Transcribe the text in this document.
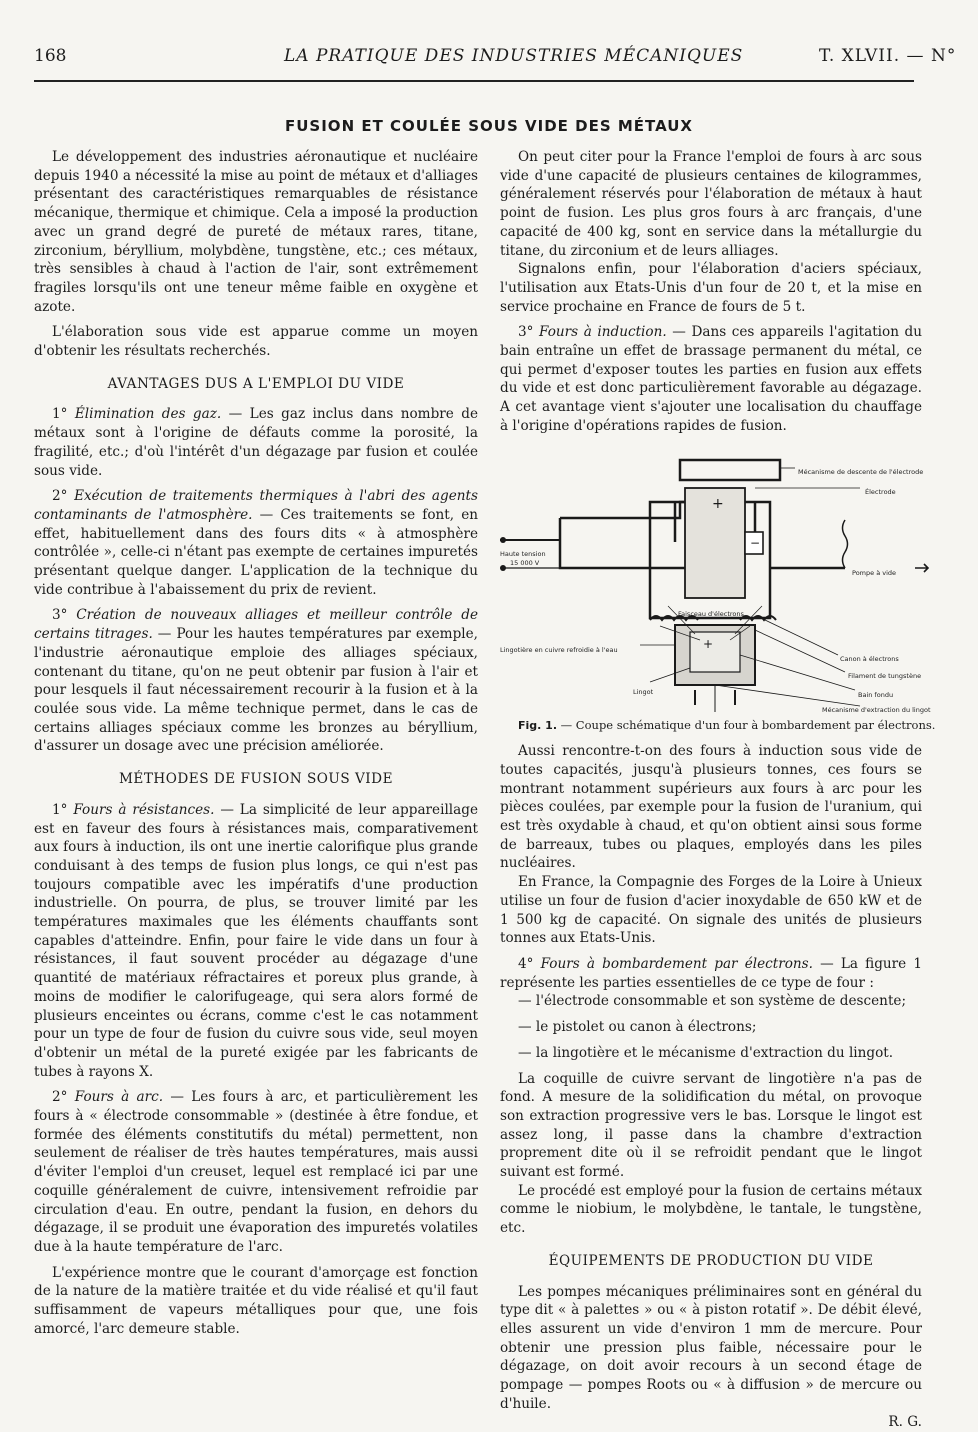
168	LA PRATIQUE DES INDUSTRIES MÉCANIQUES	T. XLVII. — N°
FUSION ET COULÉE SOUS VIDE DES MÉTAUX

Le développement des industries aéronautique et nucléaire depuis 1940 a nécessité la mise au point de métaux et d'alliages présentant des caractéristiques remarquables de résistance mécanique, thermique et chimique. Cela a imposé la production avec un grand degré de pureté de métaux rares, titane, zirconium, béryllium, molybdène, tungstène, etc.; ces métaux, très sensibles à chaud à l'action de l'air, sont extrêmement fragiles lorsqu'ils ont une teneur même faible en oxygène et azote.

L'élaboration sous vide est apparue comme un moyen d'obtenir les résultats recherchés.

AVANTAGES DUS A L'EMPLOI DU VIDE

1° Élimination des gaz. — Les gaz inclus dans nombre de métaux sont à l'origine de défauts comme la porosité, la fragilité, etc.; d'où l'intérêt d'un dégazage par fusion et coulée sous vide.

2° Exécution de traitements thermiques à l'abri des agents contaminants de l'atmosphère. — Ces traitements se font, en effet, habituellement dans des fours dits « à atmosphère contrôlée », celle-ci n'étant pas exempte de certaines impuretés présentant quelque danger. L'application de la technique du vide contribue à l'abaissement du prix de revient.

3° Création de nouveaux alliages et meilleur contrôle de certains titrages. — Pour les hautes températures par exemple, l'industrie aéronautique emploie des alliages spéciaux, contenant du titane, qu'on ne peut obtenir par fusion à l'air et pour lesquels il faut nécessairement recourir à la fusion et à la coulée sous vide. La même technique permet, dans le cas de certains alliages spéciaux comme les bronzes au béryllium, d'assurer un dosage avec une précision améliorée.

MÉTHODES DE FUSION SOUS VIDE

1° Fours à résistances. — La simplicité de leur appareillage est en faveur des fours à résistances mais, comparativement aux fours à induction, ils ont une inertie calorifique plus grande conduisant à des temps de fusion plus longs, ce qui n'est pas toujours compatible avec les impératifs d'une production industrielle. On pourra, de plus, se trouver limité par les températures maximales que les éléments chauffants sont capables d'atteindre. Enfin, pour faire le vide dans un four à résistances, il faut souvent procéder au dégazage d'une quantité de matériaux réfractaires et poreux plus grande, à moins de modifier le calorifugeage, qui sera alors formé de plusieurs enceintes ou écrans, comme c'est le cas notamment pour un type de four de fusion du cuivre sous vide, seul moyen d'obtenir un métal de la pureté exigée par les fabricants de tubes à rayons X.

2° Fours à arc. — Les fours à arc, et particulièrement les fours à « électrode consommable » (destinée à être fondue, et formée des éléments constitutifs du métal) permettent, non seulement de réaliser de très hautes températures, mais aussi d'éviter l'emploi d'un creuset, lequel est remplacé ici par une coquille généralement de cuivre, intensivement refroidie par circulation d'eau. En outre, pendant la fusion, en dehors du dégazage, il se produit une évaporation des impuretés volatiles due à la haute température de l'arc.

L'expérience montre que le courant d'amorçage est fonction de la nature de la matière traitée et du vide réalisé et qu'il faut suffisamment de vapeurs métalliques pour que, une fois amorcé, l'arc demeure stable.

On peut citer pour la France l'emploi de fours à arc sous vide d'une capacité de plusieurs centaines de kilogrammes, généralement réservés pour l'élaboration de métaux à haut point de fusion. Les plus gros fours à arc français, d'une capacité de 400 kg, sont en service dans la métallurgie du titane, du zirconium et de leurs alliages.

Signalons enfin, pour l'élaboration d'aciers spéciaux, l'utilisation aux Etats-Unis d'un four de 20 t, et la mise en service prochaine en France de fours de 5 t.

3° Fours à induction. — Dans ces appareils l'agitation du bain entraîne un effet de brassage permanent du métal, ce qui permet d'exposer toutes les parties en fusion aux effets du vide et est donc particulièrement favorable au dégazage. A cet avantage vient s'ajouter une localisation du chauffage à l'origine d'opérations rapides de fusion.

+
−
+
Mécanisme de descente de l'électrode
Électrode
Haute tension
15 000 V
Pompe à vide
Faisceau d'électrons
Lingotière en cuivre refroidie à l'eau
Canon à électrons
Filament de tungstène
Lingot	Bain fondu
Mécanisme d'extraction du lingot

Fig. 1. — Coupe schématique d'un four à bombardement par électrons.

Aussi rencontre-t-on des fours à induction sous vide de toutes capacités, jusqu'à plusieurs tonnes, ces fours se montrant notamment supérieurs aux fours à arc pour les pièces coulées, par exemple pour la fusion de l'uranium, qui est très oxydable à chaud, et qu'on obtient ainsi sous forme de barreaux, tubes ou plaques, employés dans les piles nucléaires.

En France, la Compagnie des Forges de la Loire à Unieux utilise un four de fusion d'acier inoxydable de 650 kW et de 1 500 kg de capacité. On signale des unités de plusieurs tonnes aux Etats-Unis.

4° Fours à bombardement par électrons. — La figure 1 représente les parties essentielles de ce type de four :

— l'électrode consommable et son système de descente;

— le pistolet ou canon à électrons;

— la lingotière et le mécanisme d'extraction du lingot.

La coquille de cuivre servant de lingotière n'a pas de fond. A mesure de la solidification du métal, on provoque son extraction progressive vers le bas. Lorsque le lingot est assez long, il passe dans la chambre d'extraction proprement dite où il se refroidit pendant que le lingot suivant est formé.

Le procédé est employé pour la fusion de certains métaux comme le niobium, le molybdène, le tantale, le tungstène, etc.

ÉQUIPEMENTS DE PRODUCTION DU VIDE

Les pompes mécaniques préliminaires sont en général du type dit « à palettes » ou « à piston rotatif ». De débit élevé, elles assurent un vide d'environ 1 mm de mercure. Pour obtenir une pression plus faible, nécessaire pour le dégazage, on doit avoir recours à un second étage de pompage — pompes Roots ou « à diffusion » de mercure ou d'huile.

R. G.
